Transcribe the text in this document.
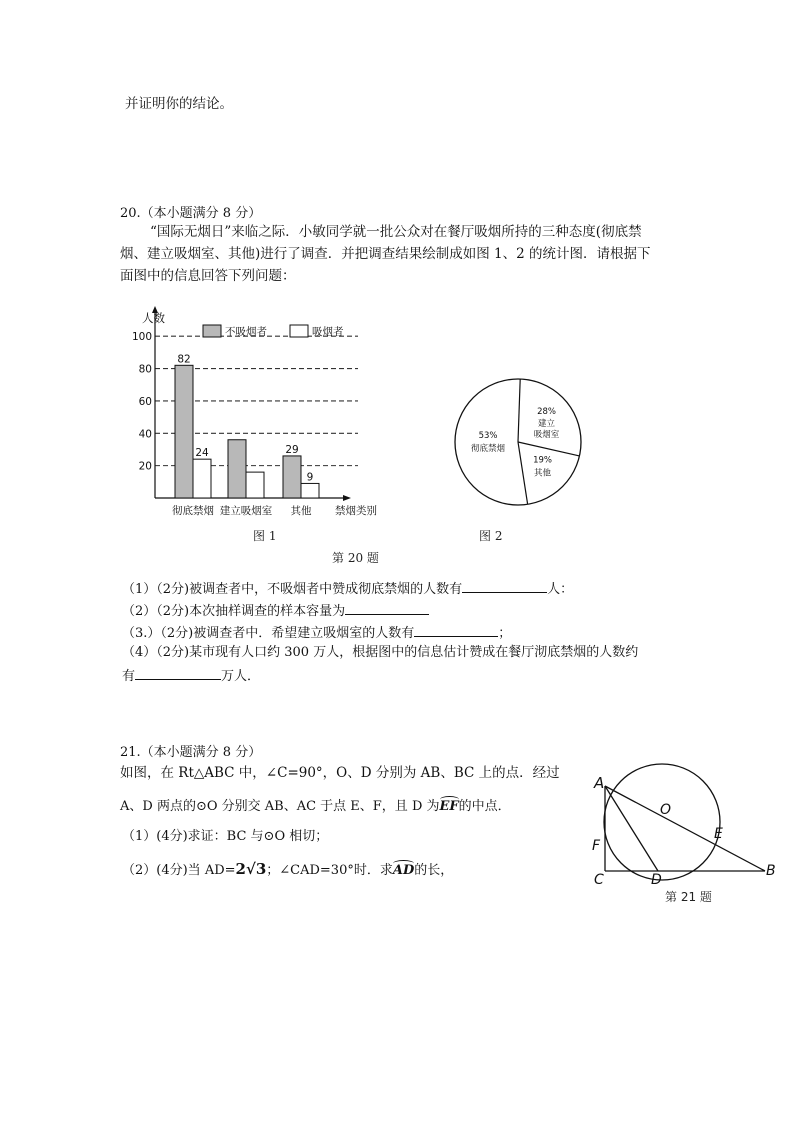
并证明你的结论。
20.（本小题满分 8 分）
“国际无烟日”来临之际．小敏同学就一批公众对在餐厅吸烟所持的三种态度(彻底禁
烟、建立吸烟室、其他)进行了调查．并把调查结果绘制成如图 1、2 的统计图．请根据下
面图中的信息回答下列问题：
20
40
60
80
100
人数
禁烟类别
不吸烟者	吸烟者
82
24
彻底禁烟 建立吸烟室
29
9
其他
图 1
28%
建立
吸烟室
19%
其他
53%
彻底禁烟
图 2
第 20 题
（1）（2分)被调查者中，不吸烟者中赞成彻底禁烟的人数有	人：
（2）（2分)本次抽样调查的样本容量为
（3.）（2分)被调查者中．希望建立吸烟室的人数有	；
（4）（2分)某市现有人口约 300 万人，根据图中的信息估计赞成在餐厅沏底禁烟的人数约
有	万人．
21.（本小题满分 8 分）
如图，在 Rt△ABC 中，∠C=90°，O、D 分别为 AB、BC 上的点．经过
A、D 两点的⊙O 分别交 AB、AC 于点 E、F，且 D 为EF的中点．
（1）(4分)求证：BC 与⊙O 相切；
（2）(4分)当 AD=2√3；∠CAD=30°时．求AD的长，
A
O
E
F
C	D
B
第 21 题
